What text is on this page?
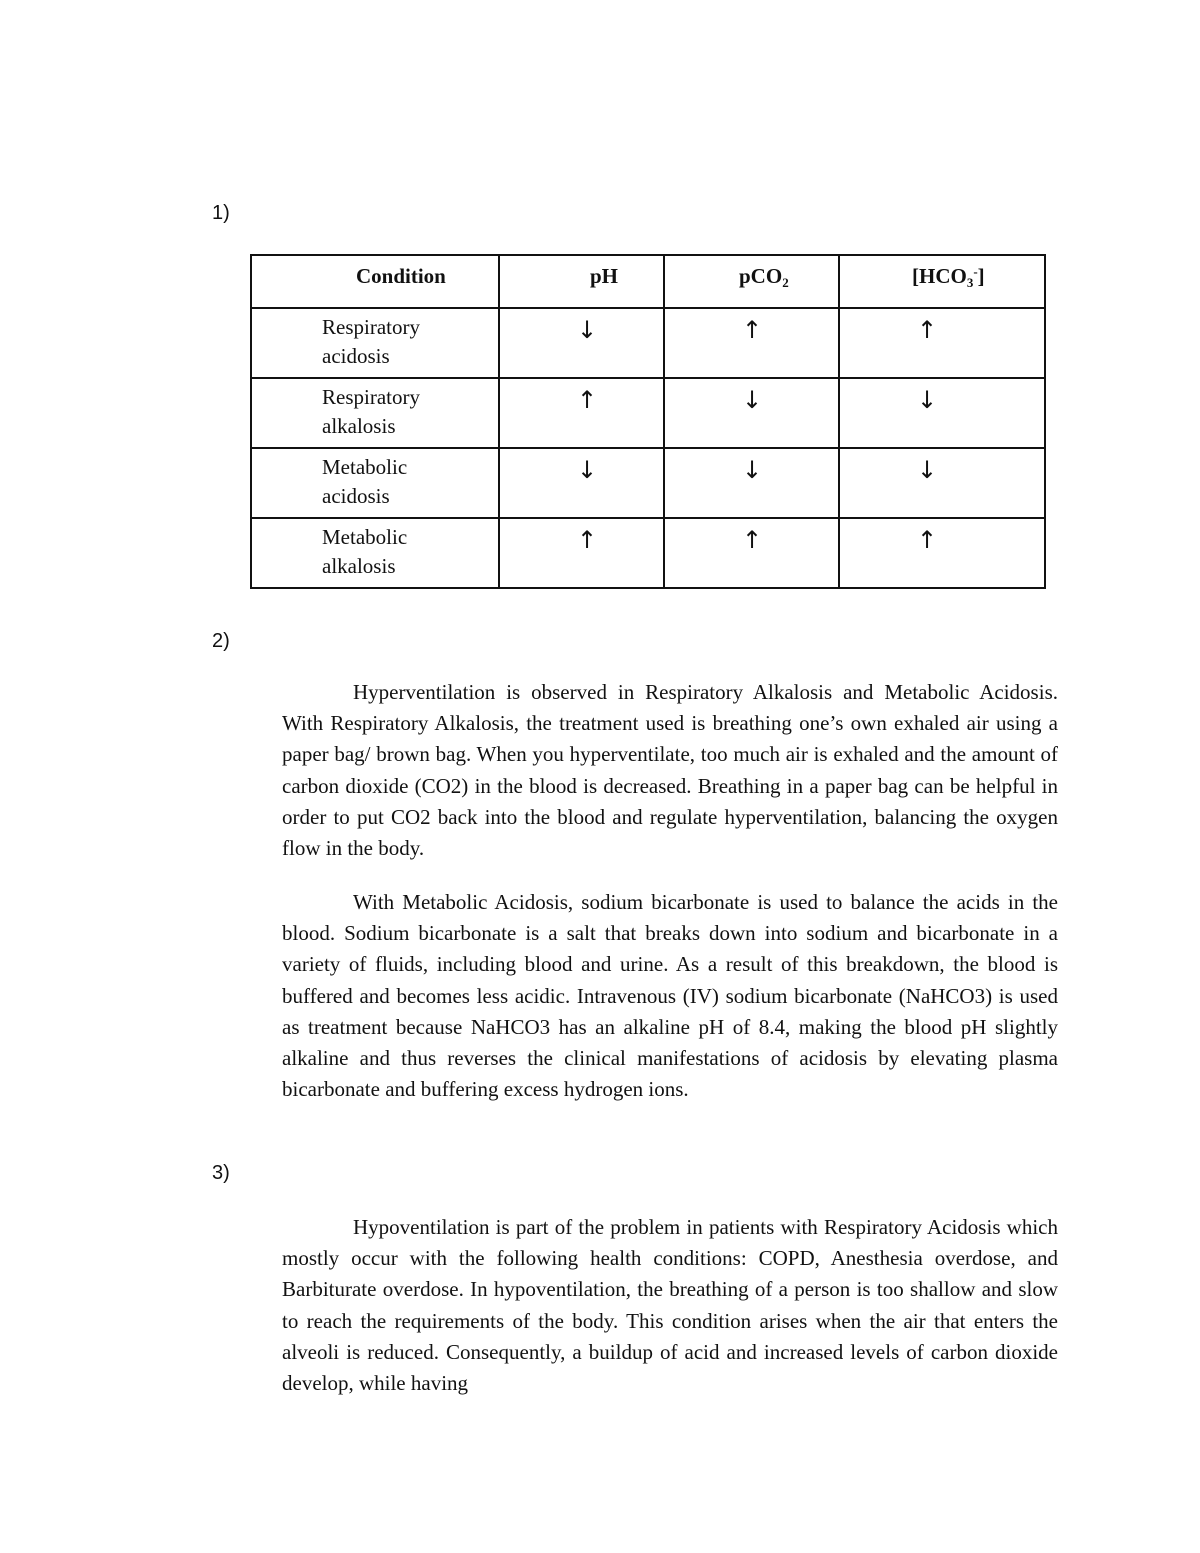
1)
Condition	pH	pCO$_2$	$[HCO_3^-]$

Respiratory
acidosis	↓	↑	↑

Respiratory
alkalosis	↑	↓	↓

Metabolic
acidosis	↓	↓	↓

Metabolic
alkalosis	↑	↑	↑
2)

Hyperventilation is observed in Respiratory Alkalosis and Metabolic Acidosis. With Respiratory Alkalosis, the treatment used is breathing one’s own exhaled air using a paper bag/ brown bag. When you hyperventilate, too much air is exhaled and the amount of carbon dioxide (CO2) in the blood is decreased. Breathing in a paper bag can be helpful in order to put CO2 back into the blood and regulate hyperventilation, balancing the oxygen flow in the body.

With Metabolic Acidosis, sodium bicarbonate is used to balance the acids in the blood. Sodium bicarbonate is a salt that breaks down into sodium and bicarbonate in a variety of fluids, including blood and urine. As a result of this breakdown, the blood is buffered and becomes less acidic. Intravenous (IV) sodium bicarbonate (NaHCO3) is used as treatment because NaHCO3 has an alkaline pH of 8.4, making the blood pH slightly alkaline and thus reverses the clinical manifestations of acidosis by elevating plasma bicarbonate and buffering excess hydrogen ions.

3)

Hypoventilation is part of the problem in patients with Respiratory Acidosis which mostly occur with the following health conditions: COPD, Anesthesia overdose, and Barbiturate overdose. In hypoventilation, the breathing of a person is too shallow and slow to reach the requirements of the body. This condition arises when the air that enters the alveoli is reduced. Consequently, a buildup of acid and increased levels of carbon dioxide develop, while having
